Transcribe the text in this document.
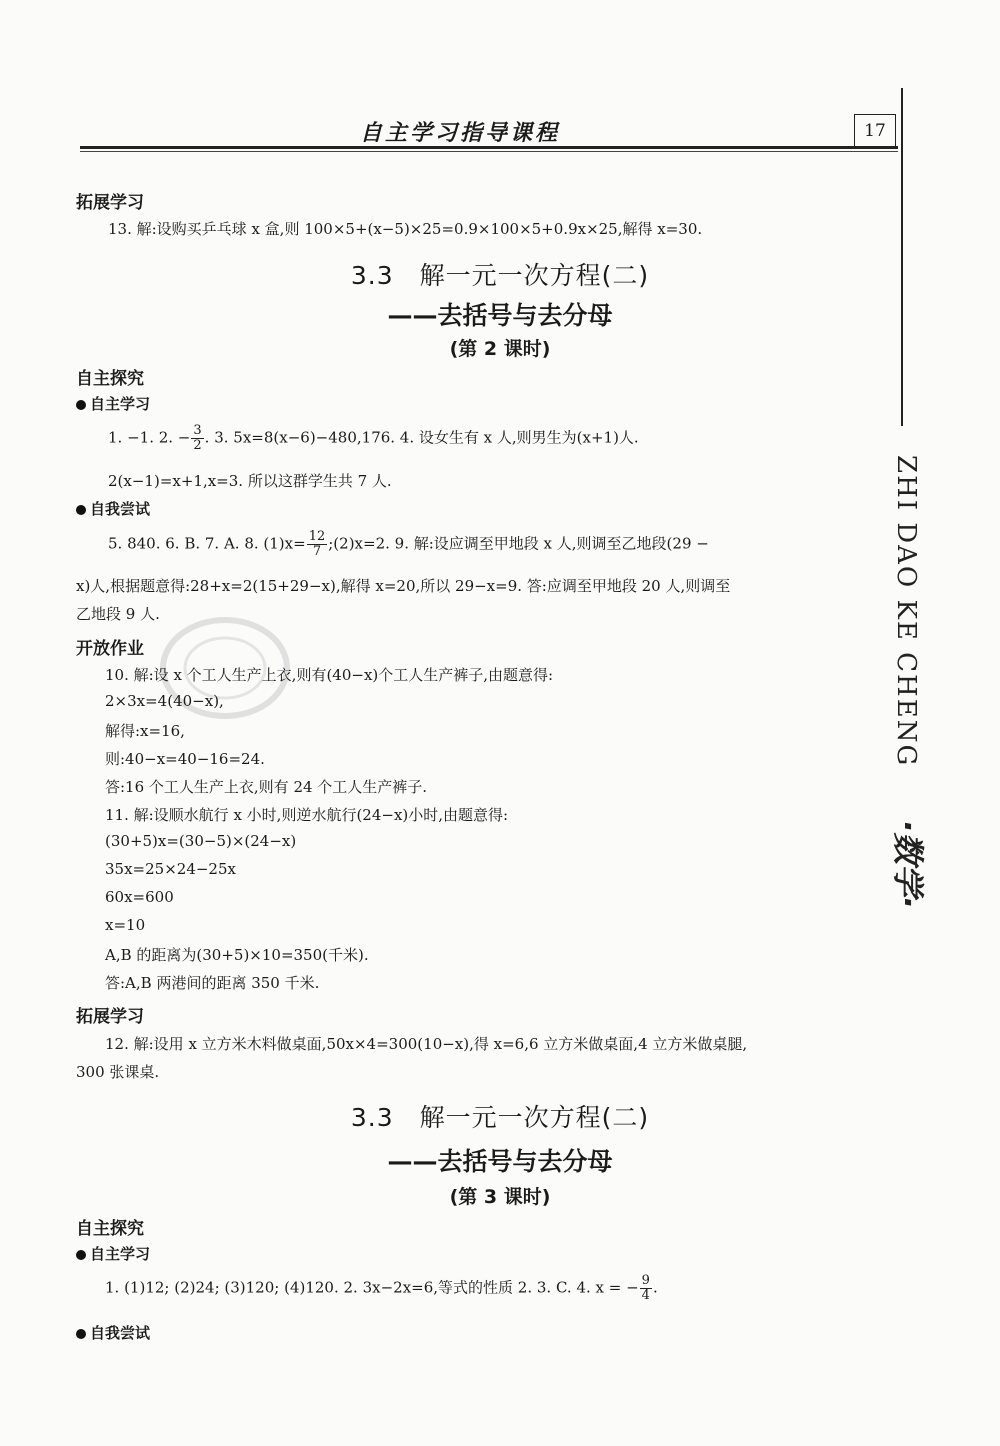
自主学习指导课程	17
ZHI DAO KE CHENG
·数学·
拓展学习
13. 解:设购买乒乓球 x 盒,则 100×5+(x−5)×25=0.9×100×5+0.9x×25,解得 x=30.
3.3　解一元一次方程(二)
——去括号与去分母
(第 2 课时)
自主探究
自主学习
1. −1. 2. − $\frac{3}{2}$ . 3. 5x=8(x−6)−480,176. 4. 设女生有 x 人,则男生为(x+1)人.
2(x−1)=x+1,x=3. 所以这群学生共 7 人.
自我尝试
5. 840. 6. B. 7. A. 8. $(1)x= \frac{12}{7}$ ;(2)x=2. 9. 解:设应调至甲地段 x 人,则调至乙地段(29 −
x)人,根据题意得:28+x=2(15+29−x),解得 x=20,所以 29−x=9. 答:应调至甲地段 20 人,则调至
乙地段 9 人.
开放作业
10. 解:设 x 个工人生产上衣,则有(40−x)个工人生产裤子,由题意得:
2×3x=4(40−x),
解得:x=16,
则:40−x=40−16=24.
答:16 个工人生产上衣,则有 24 个工人生产裤子.
11. 解:设顺水航行 x 小时,则逆水航行(24−x)小时,由题意得:
(30+5)x=(30−5)×(24−x)
35x=25×24−25x
60x=600
x=10
A,B 的距离为(30+5)×10=350(千米).
答:A,B 两港间的距离 350 千米.
拓展学习
12. 解:设用 x 立方米木料做桌面,50x×4=300(10−x),得 x=6,6 立方米做桌面,4 立方米做桌腿,
300 张课桌.
3.3　解一元一次方程(二)
——去括号与去分母
(第 3 课时)
自主探究
自主学习
1. (1)12; (2)24; (3)120; (4)120. 2. 3x−2x=6,等式的性质 2. 3. C. 4. x = − $\frac{9}{4}$ .
自我尝试
